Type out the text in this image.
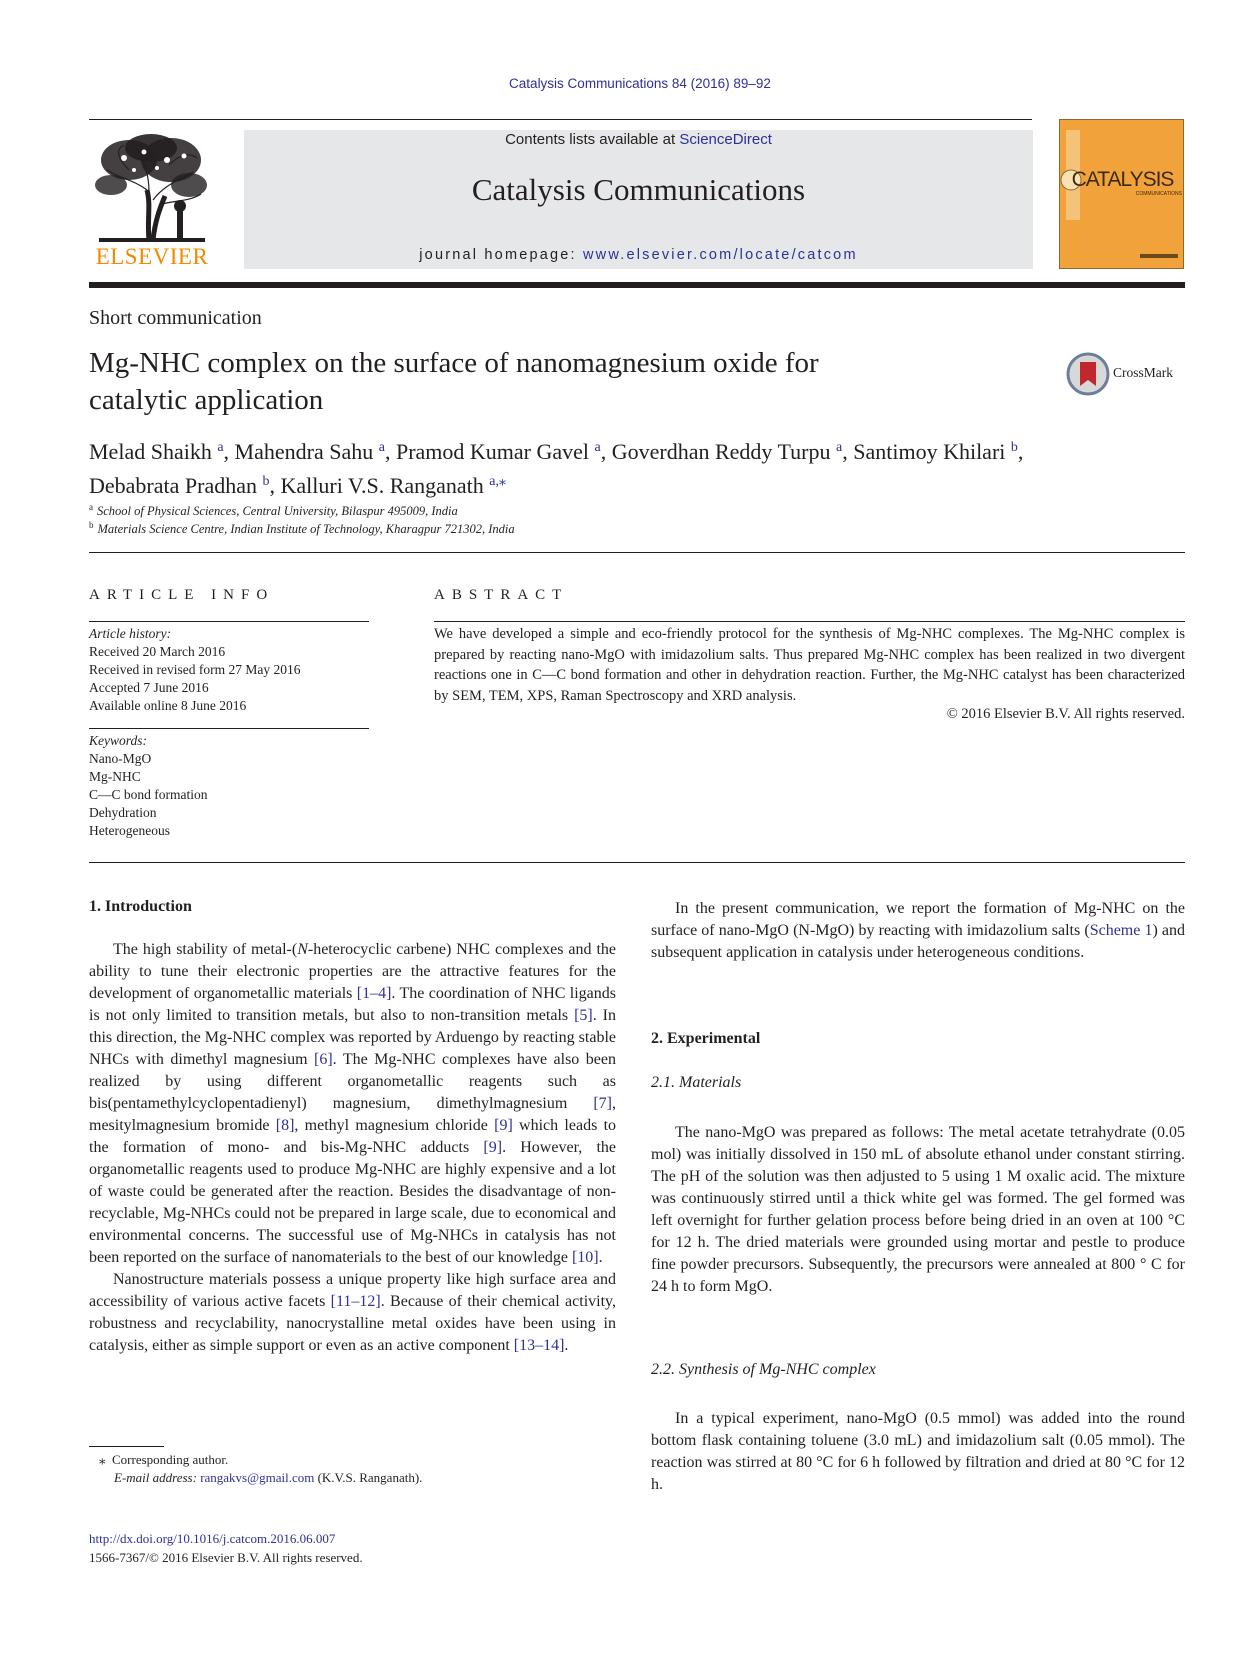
Catalysis Communications 84 (2016) 89–92
ELSEVIER
Contents lists available at ScienceDirect
Catalysis Communications
journal homepage: www.elsevier.com/locate/catcom
CATALYSIS
COMMUNICATIONS
Short communication
Mg-NHC complex on the surface of nanomagnesium oxide for
catalytic application
CrossMark
Melad Shaikh $^a$, Mahendra Sahu $^a$, Pramod Kumar Gavel $^a$, Goverdhan Reddy Turpu $^a$, Santimoy Khilari $^b$,
Debabrata Pradhan $^b$, Kalluri V.S. Ranganath $^{a,⁎}$
$^a$ School of Physical Sciences, Central University, Bilaspur 495009, India
$^b$ Materials Science Centre, Indian Institute of Technology, Kharagpur 721302, India
ARTICLE INFO
Article history:
Received 20 March 2016
Received in revised form 27 May 2016
Accepted 7 June 2016
Available online 8 June 2016
Keywords:
Nano-MgO
Mg-NHC
C—C bond formation
Dehydration
Heterogeneous
ABSTRACT
We have developed a simple and eco-friendly protocol for the synthesis of Mg-NHC complexes. The Mg-NHC complex is prepared by reacting nano-MgO with imidazolium salts. Thus prepared Mg-NHC complex has been realized in two divergent reactions one in C—C bond formation and other in dehydration reaction. Further, the Mg-NHC catalyst has been characterized by SEM, TEM, XPS, Raman Spectroscopy and XRD analysis.
© 2016 Elsevier B.V. All rights reserved.
1. Introduction

The high stability of metal-(N-heterocyclic carbene) NHC complexes and the ability to tune their electronic properties are the attractive features for the development of organometallic materials [1–4]. The coordination of NHC ligands is not only limited to transition metals, but also to non-transition metals [5]. In this direction, the Mg-NHC complex was reported by Arduengo by reacting stable NHCs with dimethyl magnesium [6]. The Mg-NHC complexes have also been realized by using different organometallic reagents such as bis(pentamethylcyclopentadienyl) magnesium, dimethylmagnesium [7], mesitylmagnesium bromide [8], methyl magnesium chloride [9] which leads to the formation of mono- and bis-Mg-NHC adducts [9]. However, the organometallic reagents used to produce Mg-NHC are highly expensive and a lot of waste could be generated after the reaction. Besides the disadvantage of non-recyclable, Mg-NHCs could not be prepared in large scale, due to economical and environmental concerns. The successful use of Mg-NHCs in catalysis has not been reported on the surface of nanomaterials to the best of our knowledge [10].

Nanostructure materials possess a unique property like high surface area and accessibility of various active facets [11–12]. Because of their chemical activity, robustness and recyclability, nanocrystalline metal oxides have been using in catalysis, either as simple support or even as an active component [13–14].

In the present communication, we report the formation of Mg-NHC on the surface of nano-MgO (N-MgO) by reacting with imidazolium salts (Scheme 1) and subsequent application in catalysis under heterogeneous conditions.

2. Experimental
2.1. Materials

The nano-MgO was prepared as follows: The metal acetate tetrahydrate (0.05 mol) was initially dissolved in 150 mL of absolute ethanol under constant stirring. The pH of the solution was then adjusted to 5 using 1 M oxalic acid. The mixture was continuously stirred until a thick white gel was formed. The gel formed was left overnight for further gelation process before being dried in an oven at 100 °C for 12 h. The dried materials were grounded using mortar and pestle to produce fine powder precursors. Subsequently, the precursors were annealed at 800 ° C for 24 h to form MgO.

2.2. Synthesis of Mg-NHC complex

In a typical experiment, nano-MgO (0.5 mmol) was added into the round bottom flask containing toluene (3.0 mL) and imidazolium salt (0.05 mmol). The reaction was stirred at 80 °C for 6 h followed by filtration and dried at 80 °C for 12 h.

⁎ Corresponding author.
E-mail address: rangakvs@gmail.com (K.V.S. Ranganath).
http://dx.doi.org/10.1016/j.catcom.2016.06.007
1566-7367/© 2016 Elsevier B.V. All rights reserved.
